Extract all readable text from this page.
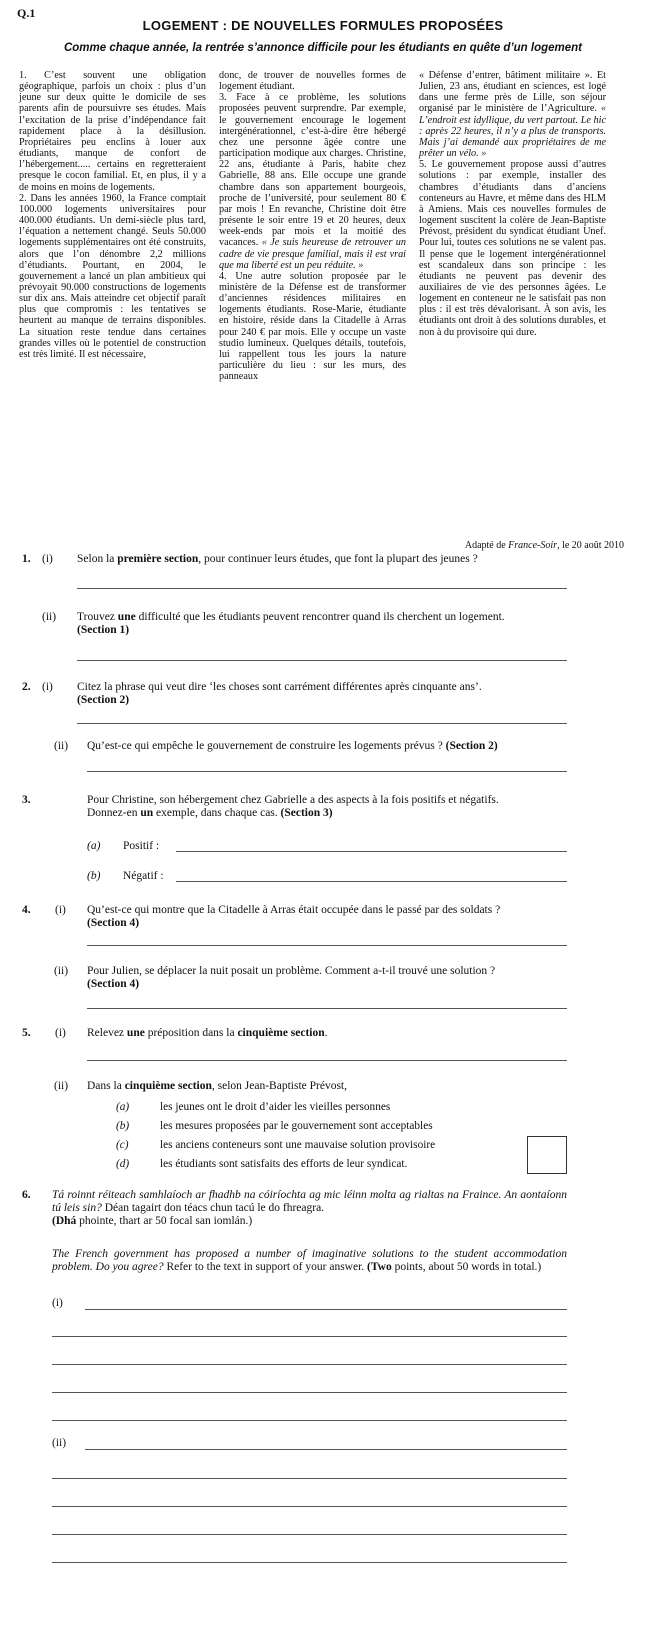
Q.1
LOGEMENT : DE NOUVELLES FORMULES PROPOSÉES
Comme chaque année, la rentrée s’annonce difficile pour les étudiants en quête d’un logement

1. C’est souvent une obligation géographique, parfois un choix : plus d’un jeune sur deux quitte le domicile de ses parents afin de poursuivre ses études. Mais l’excitation de la prise d’indépendance fait rapidement place à la désillusion. Propriétaires peu enclins à louer aux étudiants, manque de confort de l’hébergement..... certains en regretteraient presque le cocon familial. Et, en plus, il y a de moins en moins de logements.

2. Dans les années 1960, la France comptait 100.000 logements universitaires pour 400.000 étudiants. Un demi-siècle plus tard, l’équation a nettement changé. Seuls 50.000 logements supplémentaires ont été construits, alors que l’on dénombre 2,2 millions d’étudiants. Pourtant, en 2004, le gouvernement a lancé un plan ambitieux qui prévoyait 90.000 constructions de logements sur dix ans. Mais atteindre cet objectif paraît plus que compromis : les tentatives se heurtent au manque de terrains disponibles. La situation reste tendue dans certaines grandes villes où le potentiel de construction est très limité. Il est nécessaire,

donc, de trouver de nouvelles formes de logement étudiant.

3. Face à ce problème, les solutions proposées peuvent surprendre. Par exemple, le gouvernement encourage le logement intergénérationnel, c’est-à-dire être hébergé chez une personne âgée contre une participation modique aux charges. Christine, 22 ans, étudiante à Paris, habite chez Gabrielle, 88 ans. Elle occupe une grande chambre dans son appartement bourgeois, proche de l’université, pour seulement 80 € par mois ! En revanche, Christine doit être présente le soir entre 19 et 20 heures, deux week-ends par mois et la moitié des vacances. « Je suis heureuse de retrouver un cadre de vie presque familial, mais il est vrai que ma liberté est un peu réduite. »

4. Une autre solution proposée par le ministère de la Défense est de transformer d’anciennes résidences militaires en logements étudiants. Rose-Marie, étudiante en histoire, réside dans la Citadelle à Arras pour 240 € par mois. Elle y occupe un vaste studio lumineux. Quelques détails, toutefois, lui rappellent tous les jours la nature particulière du lieu : sur les murs, des panneaux

« Défense d’entrer, bâtiment militaire ». Et Julien, 23 ans, étudiant en sciences, est logé dans une ferme près de Lille, son séjour organisé par le ministère de l’Agriculture. « L’endroit est idyllique, du vert partout. Le hic : après 22 heures, il n’y a plus de transports. Mais j’ai demandé aux propriétaires de me prêter un vélo. »

5. Le gouvernement propose aussi d’autres solutions : par exemple, installer des chambres d’étudiants dans d’anciens conteneurs au Havre, et même dans des HLM à Amiens. Mais ces nouvelles formules de logement suscitent la colère de Jean-Baptiste Prévost, président du syndicat étudiant Unef. Pour lui, toutes ces solutions ne se valent pas. Il pense que le logement intergénérationnel est scandaleux dans son principe : les étudiants ne peuvent pas devenir des auxiliaires de vie des personnes âgées. Le logement en conteneur ne le satisfait pas non plus : il est très dévalorisant. À son avis, les étudiants ont droit à des solutions durables, et non à du provisoire qui dure.

Adapté de France-Soir, le 20 août 2010
1. (i) Selon la première section, pour continuer leurs études, que font la plupart des jeunes ?
(ii) Trouvez une difficulté que les étudiants peuvent rencontrer quand ils cherchent un logement.
(Section 1)
2. (i) Citez la phrase qui veut dire ‘les choses sont carrément différentes après cinquante ans’.
(Section 2)
(ii) Qu’est-ce qui empêche le gouvernement de construire les logements prévus ? (Section 2)
3.	Pour Christine, son hébergement chez Gabrielle a des aspects à la fois positifs et négatifs.
Donnez-en un exemple, dans chaque cas. (Section 3)
(a) Positif :
(b) Négatif :
4. (i) Qu’est-ce qui montre que la Citadelle à Arras était occupée dans le passé par des soldats ?
(Section 4)
(ii) Pour Julien, se déplacer la nuit posait un problème. Comment a-t-il trouvé une solution ?
(Section 4)
5. (i) Relevez une préposition dans la cinquième section.
(ii) Dans la cinquième section, selon Jean-Baptiste Prévost,
(a)	les jeunes ont le droit d’aider les vieilles personnes
(b)	les mesures proposées par le gouvernement sont acceptables
(c)	les anciens conteneurs sont une mauvaise solution provisoire
(d)	les étudiants sont satisfaits des efforts de leur syndicat.
6. Tá roinnt réiteach samhlaíoch ar fhadhb na cóiríochta ag mic léinn molta ag rialtas na Fraince. An aontaíonn tú leis sin? Déan tagairt don téacs chun tacú le do fhreagra.
(Dhá phointe, thart ar 50 focal san iomlán.)
The French government has proposed a number of imaginative solutions to the student accommodation problem. Do you agree? Refer to the text in support of your answer. (Two points, about 50 words in total.)
(i)
(ii)
